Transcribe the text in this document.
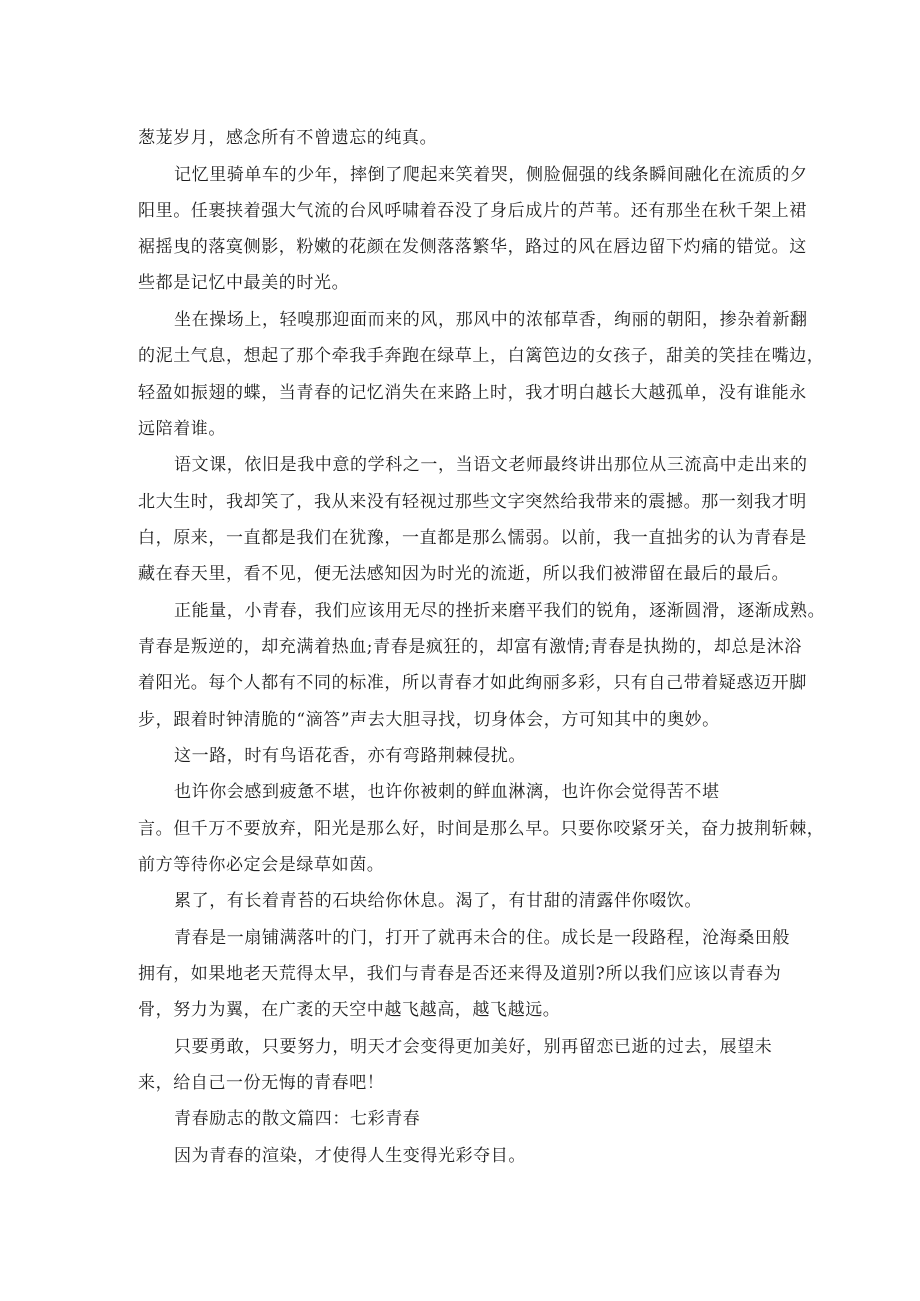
葱茏岁月，感念所有不曾遗忘的纯真。

记忆里骑单车的少年，摔倒了爬起来笑着哭，侧脸倔强的线条瞬间融化在流质的夕

阳里。任裹挟着强大气流的台风呼啸着吞没了身后成片的芦苇。还有那坐在秋千架上裙

裾摇曳的落寞侧影，粉嫩的花颜在发侧落落繁华，路过的风在唇边留下灼痛的错觉。这

些都是记忆中最美的时光。

坐在操场上，轻嗅那迎面而来的风，那风中的浓郁草香，绚丽的朝阳，掺杂着新翻

的泥土气息，想起了那个牵我手奔跑在绿草上，白篱笆边的女孩子，甜美的笑挂在嘴边，

轻盈如振翅的蝶，当青春的记忆消失在来路上时，我才明白越长大越孤单，没有谁能永

远陪着谁。

语文课，依旧是我中意的学科之一，当语文老师最终讲出那位从三流高中走出来的

北大生时，我却笑了，我从来没有轻视过那些文字突然给我带来的震撼。那一刻我才明

白，原来，一直都是我们在犹豫，一直都是那么懦弱。以前，我一直拙劣的认为青春是

藏在春天里，看不见，便无法感知因为时光的流逝，所以我们被滞留在最后的最后。

正能量，小青春，我们应该用无尽的挫折来磨平我们的锐角，逐渐圆滑，逐渐成熟。

青春是叛逆的，却充满着热血;青春是疯狂的，却富有激情;青春是执拗的，却总是沐浴

着阳光。每个人都有不同的标准，所以青春才如此绚丽多彩，只有自己带着疑惑迈开脚

步，跟着时钟清脆的“滴答”声去大胆寻找，切身体会，方可知其中的奥妙。

这一路，时有鸟语花香，亦有弯路荆棘侵扰。

也许你会感到疲惫不堪，也许你被刺的鲜血淋漓，也许你会觉得苦不堪

言。但千万不要放弃，阳光是那么好，时间是那么早。只要你咬紧牙关，奋力披荆斩棘，

前方等待你必定会是绿草如茵。

累了，有长着青苔的石块给你休息。渴了，有甘甜的清露伴你啜饮。

青春是一扇铺满落叶的门，打开了就再未合的住。成长是一段路程，沧海桑田般

拥有，如果地老天荒得太早，我们与青春是否还来得及道别?所以我们应该以青春为

骨，努力为翼，在广袤的天空中越飞越高，越飞越远。

只要勇敢，只要努力，明天才会变得更加美好，别再留恋已逝的过去，展望未

来，给自己一份无悔的青春吧！

青春励志的散文篇四：七彩青春

因为青春的渲染，才使得人生变得光彩夺目。
